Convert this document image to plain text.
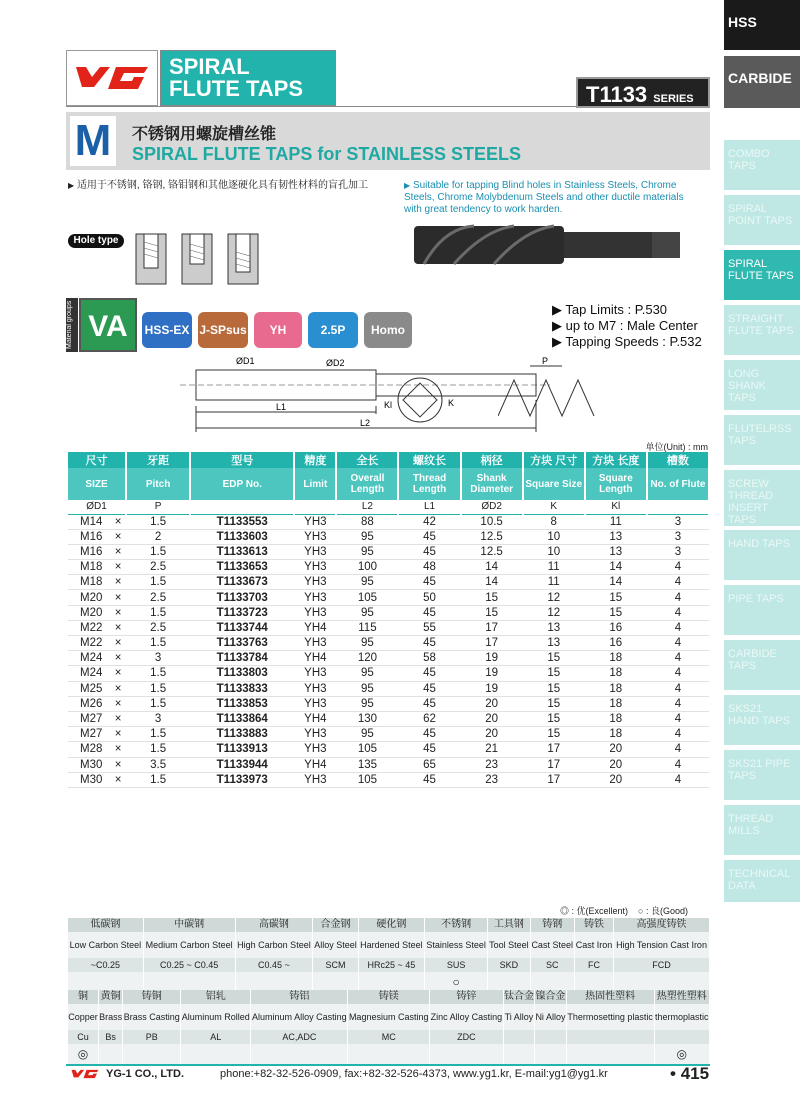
HSS
CARBIDE
COMBO TAPS
SPIRAL POINT TAPS
SPIRAL FLUTE TAPS
STRAIGHT FLUTE TAPS
LONG SHANK TAPS
FLUTELRSS TAPS
SCREW THREAD INSERT TAPS
HAND TAPS
PIPE TAPS
CARBIDE TAPS
SKS21 HAND TAPS
SKS21 PIPE TAPS
THREAD MILLS
TECHNICAL DATA
SPIRAL
FLUTE TAPS	T1133 SERIES
M 不锈钢用螺旋槽丝锥
SPIRAL FLUTE TAPS for STAINLESS STEELS
▶ 适用于不锈钢, 铬钢, 铬钼钢和其他逐硬化具有韧性材料的盲孔加工	▶ Suitable for tapping Blind holes in Stainless Steels, Chrome Steels, Chrome Molybdenum Steels and other ductile materials with great tendency to work harden.
Hole type
Material groups VA	HSS-EX J-SPsus	YH	2.5P	Homo
▶ Tap Limits : P.530
▶ up to M7 : Male Center
▶ Tapping Speeds : P.532
ØD1	ØD2
L1
L2
Kl	K
P
单位(Unit) : mm
尺寸		牙距	型号	精度	全长	螺纹长	柄径	方块 尺寸	方块 长度	槽数
SIZE		Pitch	EDP No.	Limit	Overall Length	Thread Length	Shank Diameter	Square Size	Square Length	No. of Flute
ØD1		P			L2	L1	ØD2	K	Kl	
M14	×	1.5	T1133553	YH3	88	42	10.5	8	11	3
M16	×	2	T1133603	YH3	95	45	12.5	10	13	3
M16	×	1.5	T1133613	YH3	95	45	12.5	10	13	3
M18	×	2.5	T1133653	YH3	100	48	14	11	14	4
M18	×	1.5	T1133673	YH3	95	45	14	11	14	4
M20	×	2.5	T1133703	YH3	105	50	15	12	15	4
M20	×	1.5	T1133723	YH3	95	45	15	12	15	4
M22	×	2.5	T1133744	YH4	115	55	17	13	16	4
M22	×	1.5	T1133763	YH3	95	45	17	13	16	4
M24	×	3	T1133784	YH4	120	58	19	15	18	4
M24	×	1.5	T1133803	YH3	95	45	19	15	18	4
M25	×	1.5	T1133833	YH3	95	45	19	15	18	4
M26	×	1.5	T1133853	YH3	95	45	20	15	18	4
M27	×	3	T1133864	YH4	130	62	20	15	18	4
M27	×	1.5	T1133883	YH3	95	45	20	15	18	4
M28	×	1.5	T1133913	YH3	105	45	21	17	20	4
M30	×	3.5	T1133944	YH4	135	65	23	17	20	4
M30	×	1.5	T1133973	YH3	105	45	23	17	20	4
◎ : 优(Excellent) ○ : 良(Good)
低碳钢	中碳钢	高碳钢	合金钢	硬化钢	不锈钢	工具钢	铸钢	铸铁	高强度铸铁
Low Carbon Steel	Medium Carbon Steel	High Carbon Steel	Alloy Steel	Hardened Steel	Stainless Steel	Tool Steel	Cast Steel	Cast Iron	High Tension Cast Iron
~C0.25	C0.25 ~ C0.45	C0.45 ~	SCM	HRc25 ~ 45	SUS	SKD	SC	FC	FCD
					○				
铜	黄铜	铸铜	铝轧	铸铝	铸镁	铸锌	钛合金	镍合金	热固性塑料	热塑性塑料
Copper	Brass	Brass Casting	Aluminum Rolled	Aluminum Alloy Casting	Magnesium Casting	Zinc Alloy Casting	Ti Alloy	Ni Alloy	Thermosetting plastic	thermoplastic
Cu	Bs	PB	AL	AC,ADC	MC	ZDC				
◎										◎
YG-1 CO., LTD.	phone:+82-32-526-0909, fax:+82-32-526-4373, www.yg1.kr, E-mail:yg1@yg1.kr	• 415
